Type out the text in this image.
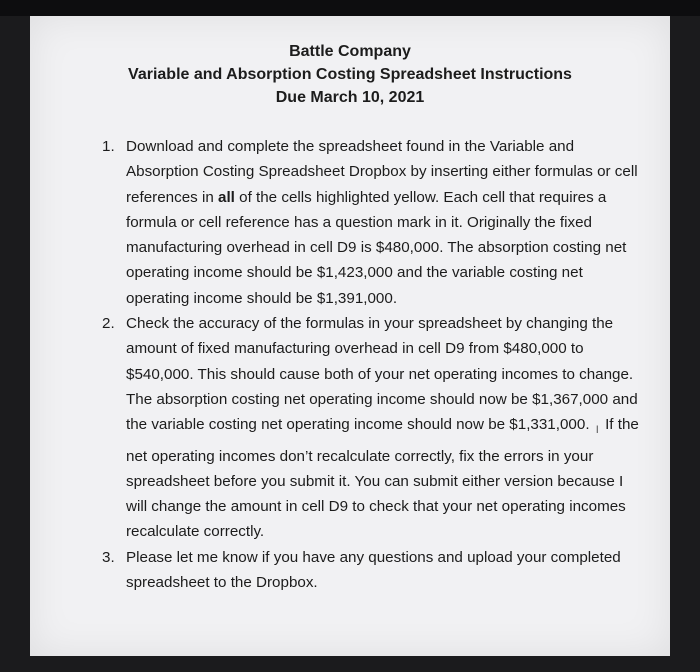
Battle Company
Variable and Absorption Costing Spreadsheet Instructions
Due March 10, 2021
1. Download and complete the spreadsheet found in the Variable and Absorption Costing Spreadsheet Dropbox by inserting either formulas or cell references in all of the cells highlighted yellow. Each cell that requires a formula or cell reference has a question mark in it. Originally the fixed manufacturing overhead in cell D9 is $480,000. The absorption costing net operating income should be $1,423,000 and the variable costing net operating income should be $1,391,000.
2. Check the accuracy of the formulas in your spreadsheet by changing the amount of fixed manufacturing overhead in cell D9 from $480,000 to $540,000. This should cause both of your net operating incomes to change. The absorption costing net operating income should now be $1,367,000 and the variable costing net operating income should now be $1,331,000. I If the net operating incomes don’t recalculate correctly, fix the errors in your spreadsheet before you submit it. You can submit either version because I will change the amount in cell D9 to check that your net operating incomes recalculate correctly.
3. Please let me know if you have any questions and upload your completed spreadsheet to the Dropbox.
